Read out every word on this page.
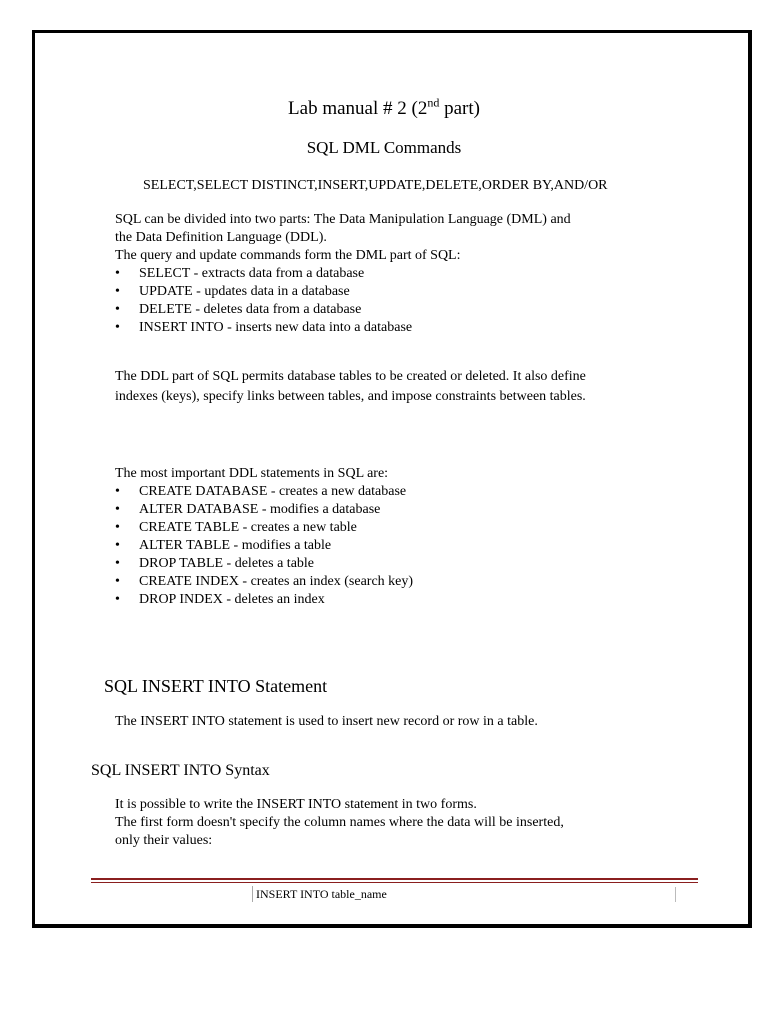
Lab manual # 2 (2nd part)
SQL DML Commands
SELECT,SELECT DISTINCT,INSERT,UPDATE,DELETE,ORDER BY,AND/OR
SQL can be divided into two parts: The Data Manipulation Language (DML) and
the Data Definition Language (DDL).
The query and update commands form the DML part of SQL:
• SELECT - extracts data from a database
• UPDATE - updates data in a database
• DELETE - deletes data from a database
• INSERT INTO - inserts new data into a database
The DDL part of SQL permits database tables to be created or deleted. It also define
indexes (keys), specify links between tables, and impose constraints between tables.
The most important DDL statements in SQL are:
• CREATE DATABASE - creates a new database
• ALTER DATABASE - modifies a database
• CREATE TABLE - creates a new table
• ALTER TABLE - modifies a table
• DROP TABLE - deletes a table
• CREATE INDEX - creates an index (search key)
• DROP INDEX - deletes an index
SQL INSERT INTO Statement
The INSERT INTO statement is used to insert new record or row in a table.
SQL INSERT INTO Syntax
It is possible to write the INSERT INTO statement in two forms.
The first form doesn't specify the column names where the data will be inserted,
only their values:
INSERT INTO table_name
